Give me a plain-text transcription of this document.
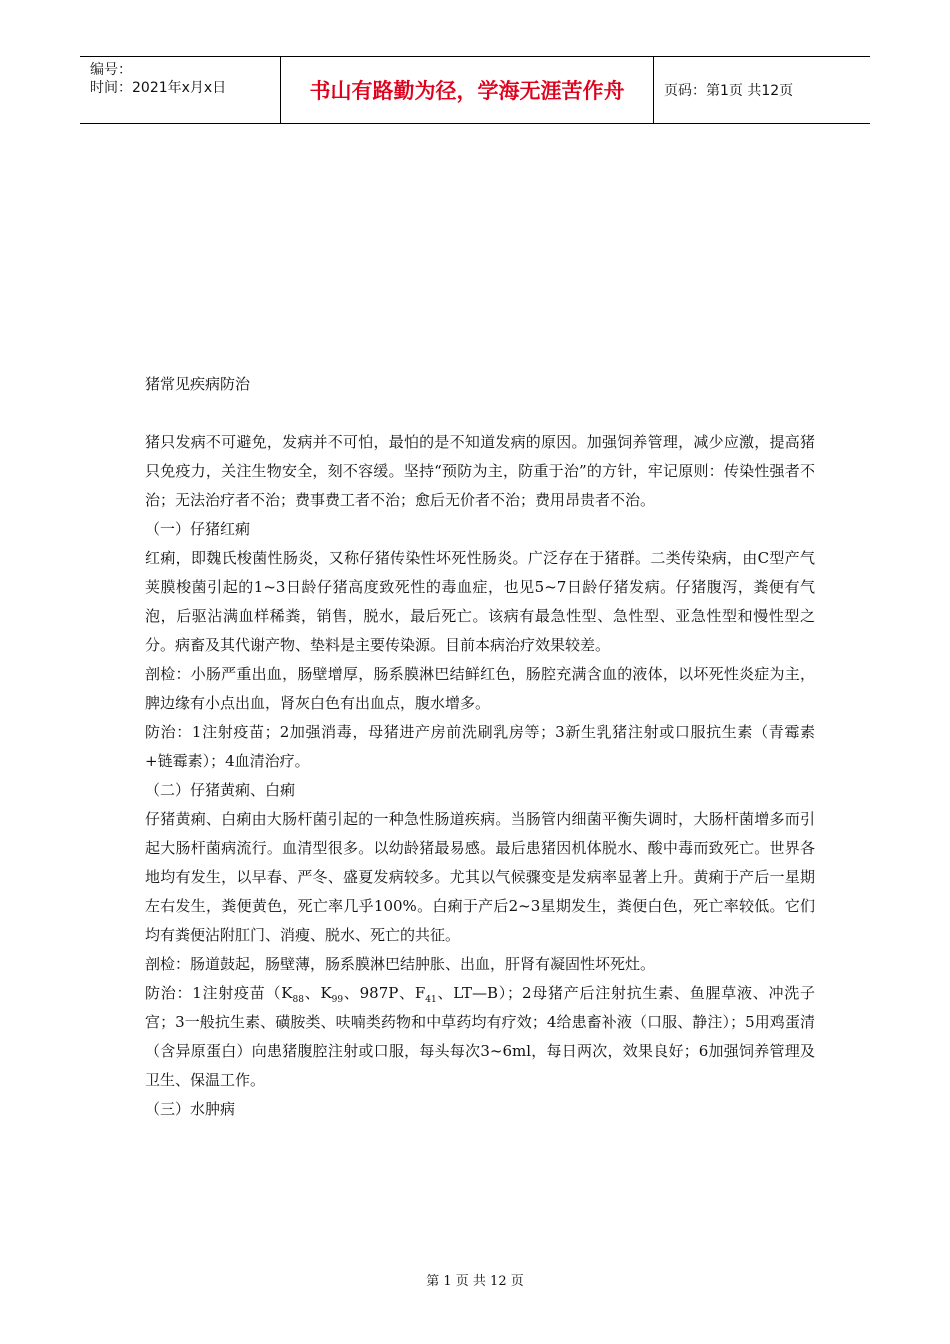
编号：
时间：2021年x月x日	书山有路勤为径，学海无涯苦作舟	页码：第1页 共12页

猪常见疾病防治

猪只发病不可避免，发病并不可怕，最怕的是不知道发病的原因。加强饲养管理，减少应激，提高猪只免疫力，关注生物安全，刻不容缓。坚持“预防为主，防重于治”的方针，牢记原则：传染性强者不治；无法治疗者不治；费事费工者不治；愈后无价者不治；费用昂贵者不治。

（一）仔猪红痢

红痢，即魏氏梭菌性肠炎，又称仔猪传染性坏死性肠炎。广泛存在于猪群。二类传染病，由C型产气荚膜梭菌引起的1~3日龄仔猪高度致死性的毒血症，也见5~7日龄仔猪发病。仔猪腹泻，粪便有气泡，后驱沾满血样稀粪，销售，脱水，最后死亡。该病有最急性型、急性型、亚急性型和慢性型之分。病畜及其代谢产物、垫料是主要传染源。目前本病治疗效果较差。

剖检：小肠严重出血，肠壁增厚，肠系膜淋巴结鲜红色，肠腔充满含血的液体，以坏死性炎症为主，脾边缘有小点出血，肾灰白色有出血点，腹水增多。

防治：1注射疫苗；2加强消毒，母猪进产房前洗刷乳房等；3新生乳猪注射或口服抗生素（青霉素+链霉素）；4血清治疗。

（二）仔猪黄痢、白痢

仔猪黄痢、白痢由大肠杆菌引起的一种急性肠道疾病。当肠管内细菌平衡失调时，大肠杆菌增多而引起大肠杆菌病流行。血清型很多。以幼龄猪最易感。最后患猪因机体脱水、酸中毒而致死亡。世界各地均有发生，以早春、严冬、盛夏发病较多。尤其以气候骤变是发病率显著上升。黄痢于产后一星期左右发生，粪便黄色，死亡率几乎100%。白痢于产后2~3星期发生，粪便白色，死亡率较低。它们均有粪便沾附肛门、消瘦、脱水、死亡的共征。

剖检：肠道鼓起，肠壁薄，肠系膜淋巴结肿胀、出血，肝肾有凝固性坏死灶。

防治：1注射疫苗（$K_{88}$、$K_{99}$、987P、$F_{41}$、LT—B）；2母猪产后注射抗生素、鱼腥草液、冲洗子宫；3一般抗生素、磺胺类、呋喃类药物和中草药均有疗效；4给患畜补液（口服、静注）；5用鸡蛋清（含异原蛋白）向患猪腹腔注射或口服，每头每次3~6ml，每日两次，效果良好；6加强饲养管理及卫生、保温工作。

（三）水肿病

第 1 页 共 12 页
